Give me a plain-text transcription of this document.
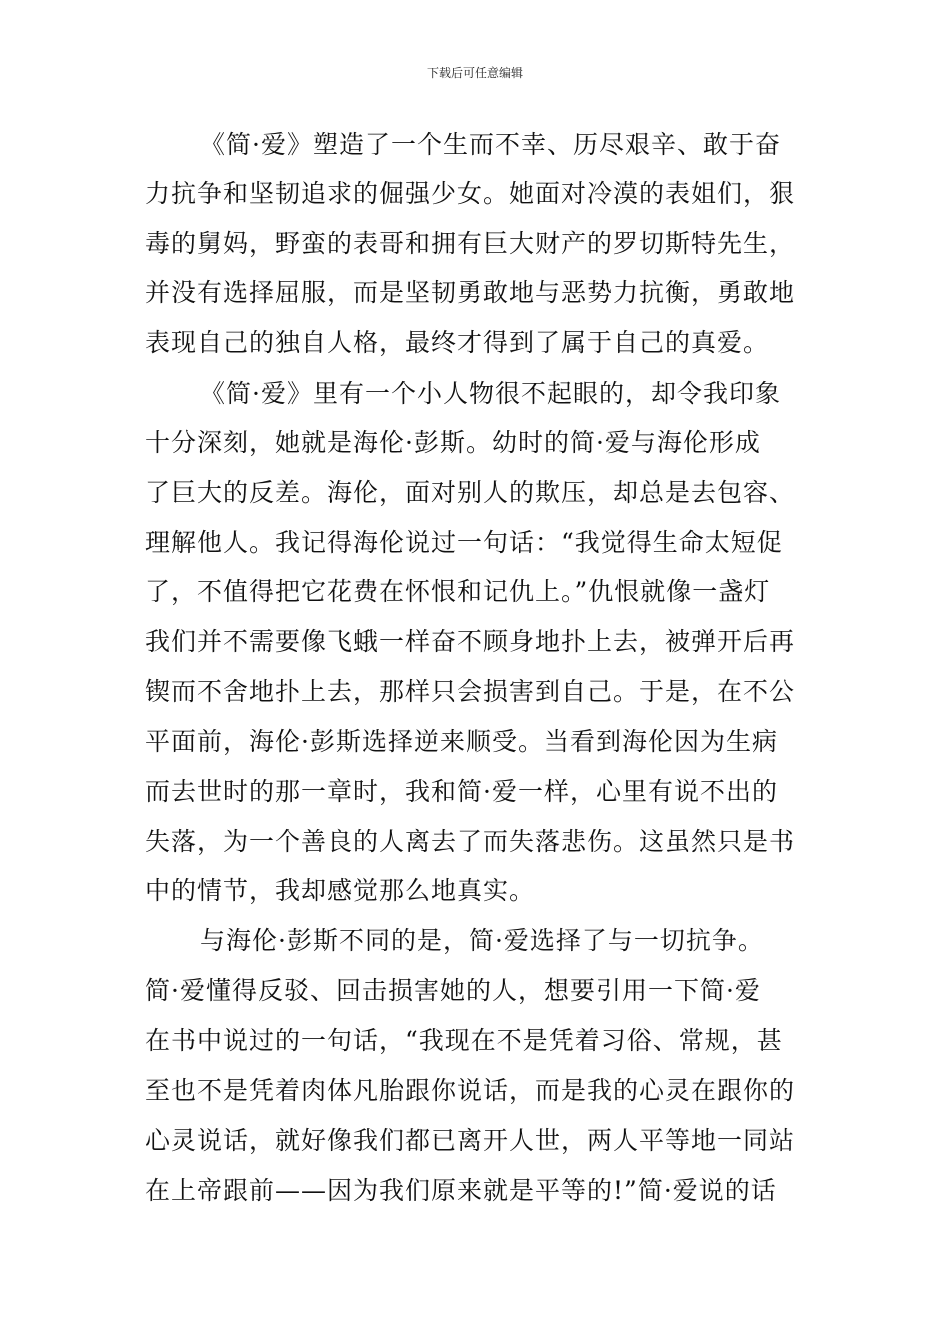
下载后可任意编辑
《简·爱》塑造了一个生而不幸、历尽艰辛、敢于奋
力抗争和坚韧追求的倔强少女。她面对冷漠的表姐们，狠
毒的舅妈，野蛮的表哥和拥有巨大财产的罗切斯特先生，
并没有选择屈服，而是坚韧勇敢地与恶势力抗衡，勇敢地
表现自己的独自人格，最终才得到了属于自己的真爱。
《简·爱》里有一个小人物很不起眼的，却令我印象
十分深刻，她就是海伦·彭斯。幼时的简·爱与海伦形成
了巨大的反差。海伦，面对别人的欺压，却总是去包容、
理解他人。我记得海伦说过一句话：“我觉得生命太短促
了，不值得把它花费在怀恨和记仇上。”仇恨就像一盏灯
我们并不需要像飞蛾一样奋不顾身地扑上去，被弹开后再
锲而不舍地扑上去，那样只会损害到自己。于是，在不公
平面前，海伦·彭斯选择逆来顺受。当看到海伦因为生病
而去世时的那一章时，我和简·爱一样，心里有说不出的
失落，为一个善良的人离去了而失落悲伤。这虽然只是书
中的情节，我却感觉那么地真实。
与海伦·彭斯不同的是，简·爱选择了与一切抗争。
简·爱懂得反驳、回击损害她的人，想要引用一下简·爱
在书中说过的一句话，“我现在不是凭着习俗、常规，甚
至也不是凭着肉体凡胎跟你说话，而是我的心灵在跟你的
心灵说话，就好像我们都已离开人世，两人平等地一同站
在上帝跟前——因为我们原来就是平等的!”简·爱说的话
